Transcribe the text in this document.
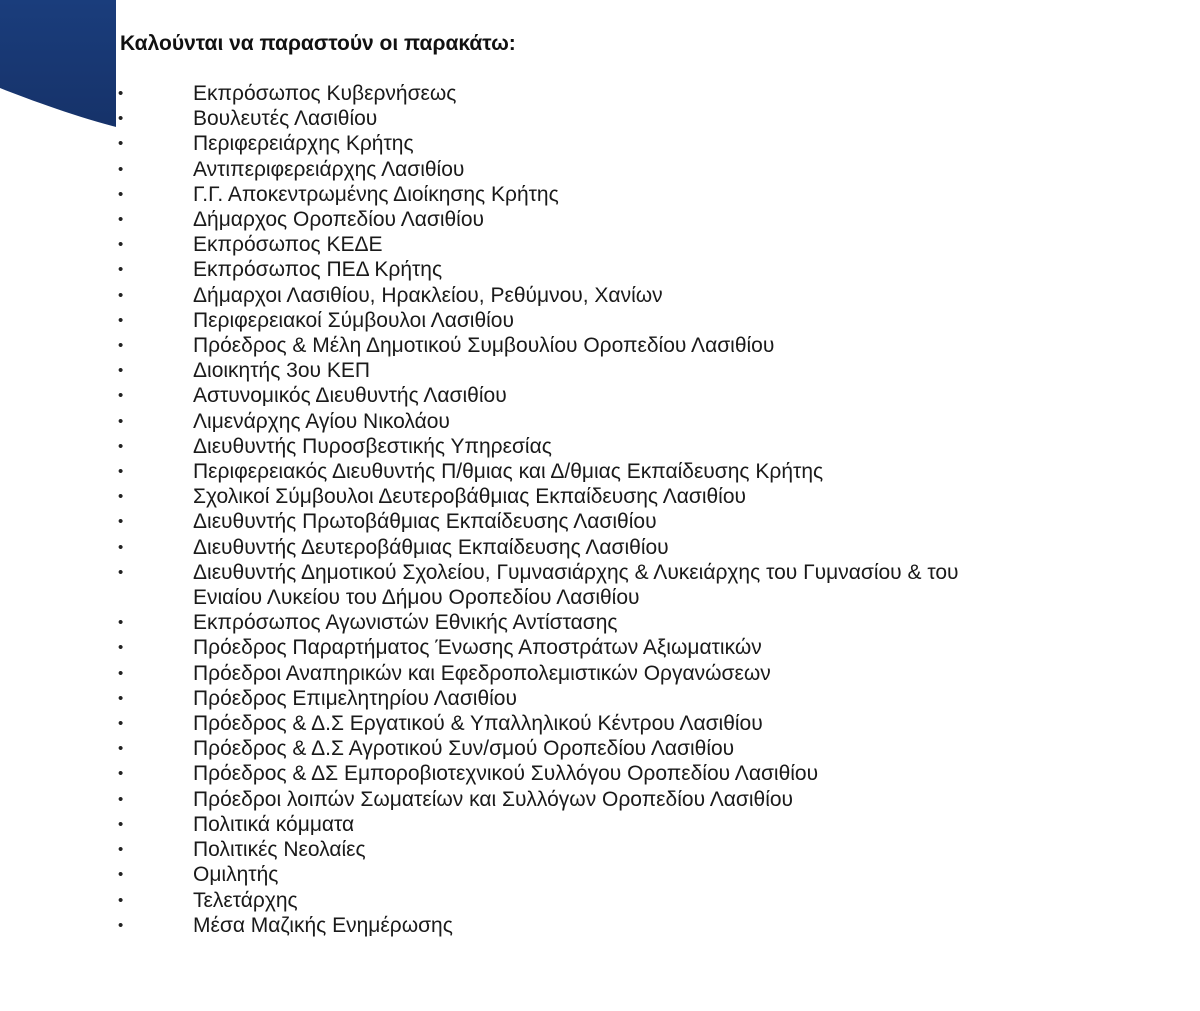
Καλούνται να παραστούν οι παρακάτω:
•	Εκπρόσωπος Κυβερνήσεως
•	Βουλευτές Λασιθίου
•	Περιφερειάρχης Κρήτης
•	Αντιπεριφερειάρχης Λασιθίου
•	Γ.Γ. Αποκεντρωμένης Διοίκησης Κρήτης
•	Δήμαρχος Οροπεδίου Λασιθίου
•	Εκπρόσωπος ΚΕΔΕ
•	Εκπρόσωπος ΠΕΔ Κρήτης
•	Δήμαρχοι Λασιθίου, Ηρακλείου, Ρεθύμνου, Χανίων
•	Περιφερειακοί Σύμβουλοι Λασιθίου
•	Πρόεδρος & Μέλη Δημοτικού Συμβουλίου Οροπεδίου Λασιθίου
•	Διοικητής 3ου ΚΕΠ
•	Αστυνομικός Διευθυντής Λασιθίου
•	Λιμενάρχης Αγίου Νικολάου
•	Διευθυντής Πυροσβεστικής Υπηρεσίας
•	Περιφερειακός Διευθυντής Π/θμιας και Δ/θμιας Εκπαίδευσης Κρήτης
•	Σχολικοί Σύμβουλοι Δευτεροβάθμιας Εκπαίδευσης Λασιθίου
•	Διευθυντής Πρωτοβάθμιας Εκπαίδευσης Λασιθίου
•	Διευθυντής Δευτεροβάθμιας Εκπαίδευσης Λασιθίου
•	Διευθυντής Δημοτικού Σχολείου, Γυμνασιάρχης & Λυκειάρχης του Γυμνασίου & του Ενιαίου Λυκείου του Δήμου Οροπεδίου Λασιθίου
•	Εκπρόσωπος Αγωνιστών Εθνικής Αντίστασης
•	Πρόεδρος Παραρτήματος Ένωσης Αποστράτων Αξιωματικών
•	Πρόεδροι Αναπηρικών και Εφεδροπολεμιστικών Οργανώσεων
•	Πρόεδρος Επιμελητηρίου Λασιθίου
•	Πρόεδρος & Δ.Σ Εργατικού & Υπαλληλικού Κέντρου Λασιθίου
•	Πρόεδρος & Δ.Σ Αγροτικού Συν/σμού Οροπεδίου Λασιθίου
•	Πρόεδρος & ΔΣ Εμποροβιοτεχνικού Συλλόγου Οροπεδίου Λασιθίου
•	Πρόεδροι λοιπών Σωματείων και Συλλόγων Οροπεδίου Λασιθίου
•	Πολιτικά κόμματα
•	Πολιτικές Νεολαίες
•	Ομιλητής
•	Τελετάρχης
•	Μέσα Μαζικής Ενημέρωσης
